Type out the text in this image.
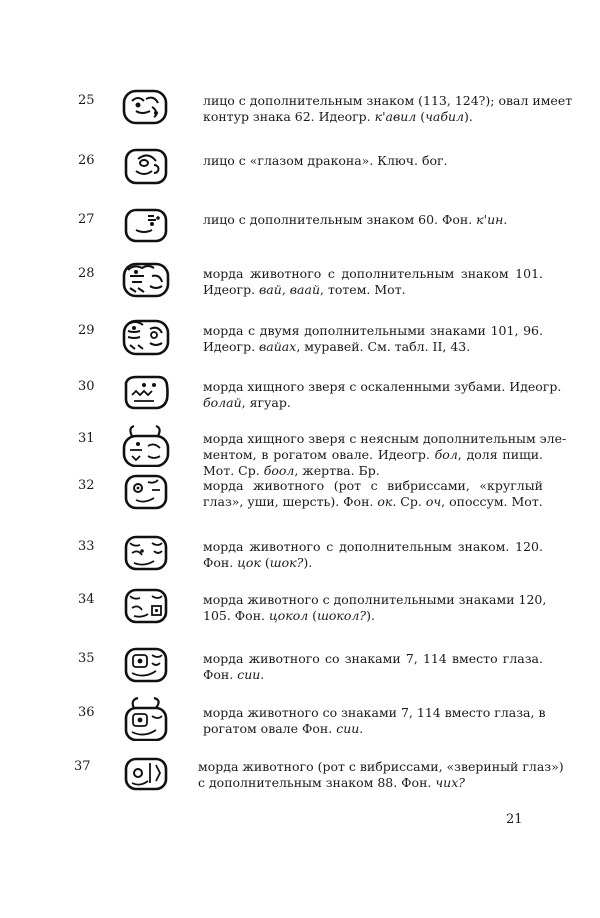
25	лицо с дополнительным знаком (113, 124?); овал имеет
контур знака 62. Идеогр. к'авил (чабил).
26	лицо с «глазом дракона». Ключ. бог.
27	лицо с дополнительным знаком 60. Фон. к'ин.
28	морда животного с дополнительным знаком 101.
Идеогр. вай, вaай, тотем. Мот.
29	морда с двумя дополнительными знаками 101, 96.
Идеогр. вайах, муравей. См. табл. II, 43.
30	морда хищного зверя с оскаленными зубами. Идеогр.
болай, ягуар.
31	морда хищного зверя с неясным дополнительным эле-
ментом, в рогатом овале. Идеогр. бол, доля пищи.
Мот. Ср. боол, жертва. Бр.
32	морда животного (рот с вибриссами, «круглый
глаз», уши, шерсть). Фон. ок. Ср. оч, опоссум. Мот.
33	морда животного с дополнительным знаком. 120.
Фон. цок (шок?).
34	морда животного с дополнительными знаками 120,
105. Фон. цокол (шокол?).
35	морда животного со знаками 7, 114 вместо глаза.
Фон. сии.
36	морда животного со знаками 7, 114 вместо глаза, в
рогатом овале Фон. сии.
37	морда животного (рот с вибриссами, «звериный глаз»)
с дополнительным знаком 88. Фон. чих?
21
